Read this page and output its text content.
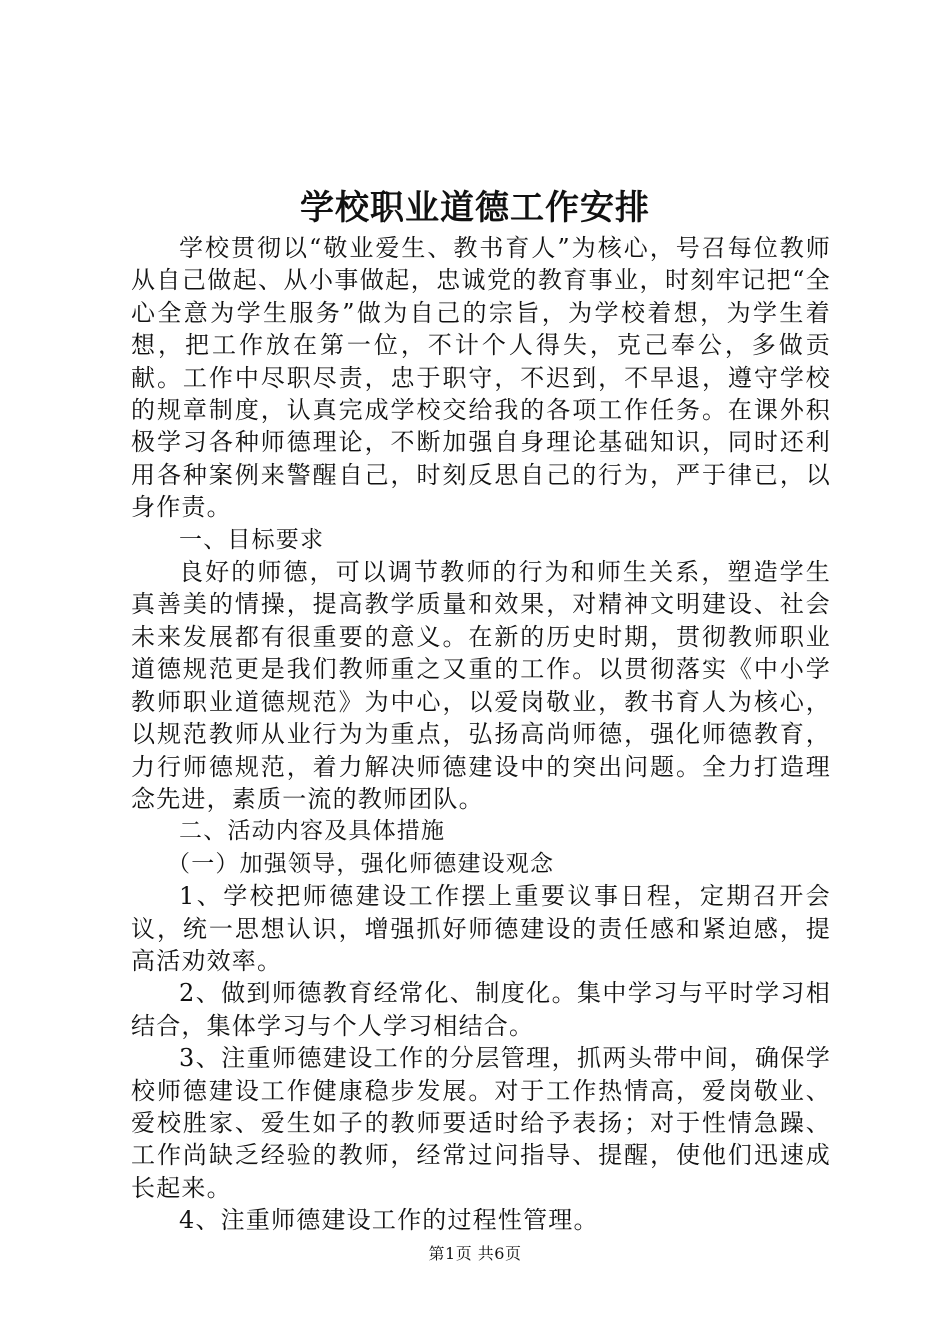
学校职业道德工作安排

学校贯彻以“敬业爱生、教书育人”为核心，号召每位教师从自己做起、从小事做起，忠诚党的教育事业，时刻牢记把“全心全意为学生服务”做为自己的宗旨，为学校着想，为学生着想，把工作放在第一位，不计个人得失，克己奉公，多做贡献。工作中尽职尽责，忠于职守，不迟到，不早退，遵守学校的规章制度，认真完成学校交给我的各项工作任务。在课外积极学习各种师德理论，不断加强自身理论基础知识，同时还利用各种案例来警醒自己，时刻反思自己的行为，严于律已，以身作责。

一、目标要求

良好的师德，可以调节教师的行为和师生关系，塑造学生真善美的情操，提高教学质量和效果，对精神文明建设、社会未来发展都有很重要的意义。在新的历史时期，贯彻教师职业道德规范更是我们教师重之又重的工作。以贯彻落实《中小学教师职业道德规范》为中心，以爱岗敬业，教书育人为核心，以规范教师从业行为为重点，弘扬高尚师德，强化师德教育，力行师德规范，着力解决师德建设中的突出问题。全力打造理念先进，素质一流的教师团队。

二、活动内容及具体措施

（一）加强领导，强化师德建设观念

1、学校把师德建设工作摆上重要议事日程，定期召开会议，统一思想认识，增强抓好师德建设的责任感和紧迫感，提高活劝效率。

2、做到师德教育经常化、制度化。集中学习与平时学习相结合，集体学习与个人学习相结合。

3、注重师德建设工作的分层管理，抓两头带中间，确保学校师德建设工作健康稳步发展。对于工作热情高，爱岗敬业、爱校胜家、爱生如子的教师要适时给予表扬；对于性情急躁、工作尚缺乏经验的教师，经常过问指导、提醒，使他们迅速成长起来。

4、注重师德建设工作的过程性管理。

第1页 共6页
